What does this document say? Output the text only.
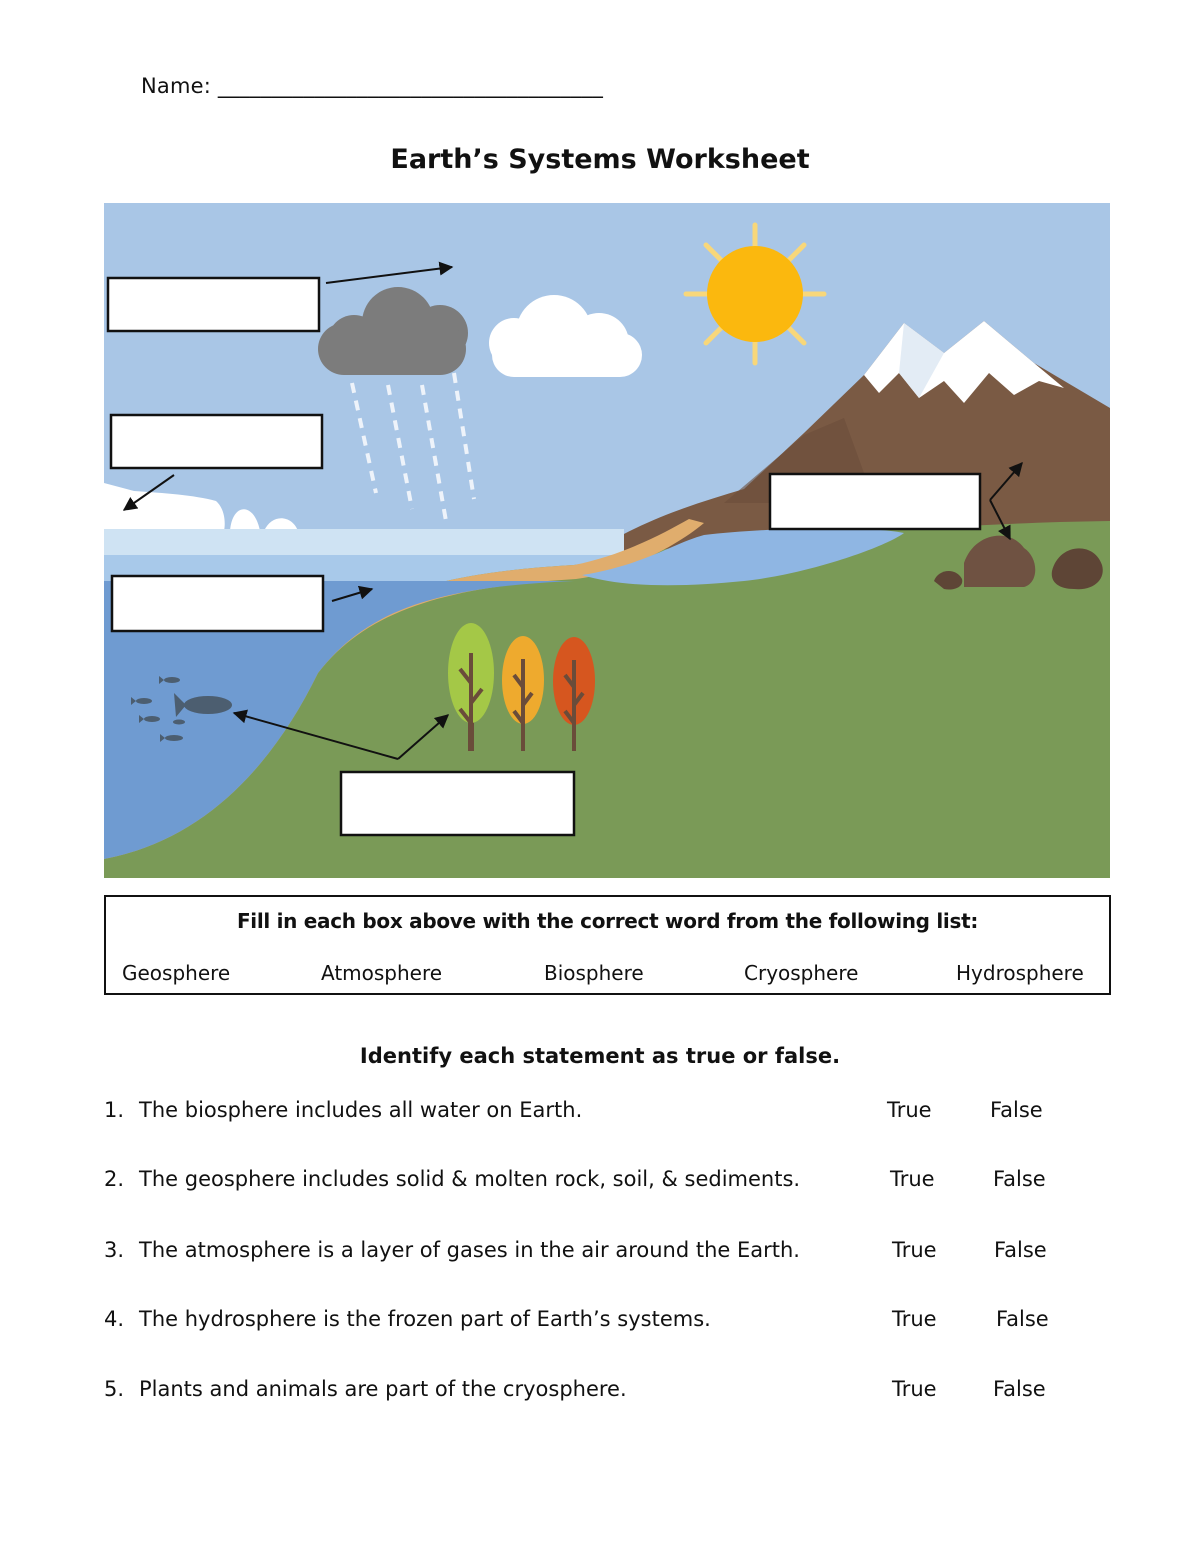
Name: ____________________________________
Earth’s Systems Worksheet
Fill in each box above with the correct word from the following list:
Geosphere	Atmosphere	Biosphere	Cryosphere	Hydrosphere
Identify each statement as true or false.
1. The biosphere includes all water on Earth.	True	False
2. The geosphere includes solid & molten rock, soil, & sediments.	True	False
3. The atmosphere is a layer of gases in the air around the Earth.	True	False
4. The hydrosphere is the frozen part of Earth’s systems.	True	False
5. Plants and animals are part of the cryosphere.	True	False
